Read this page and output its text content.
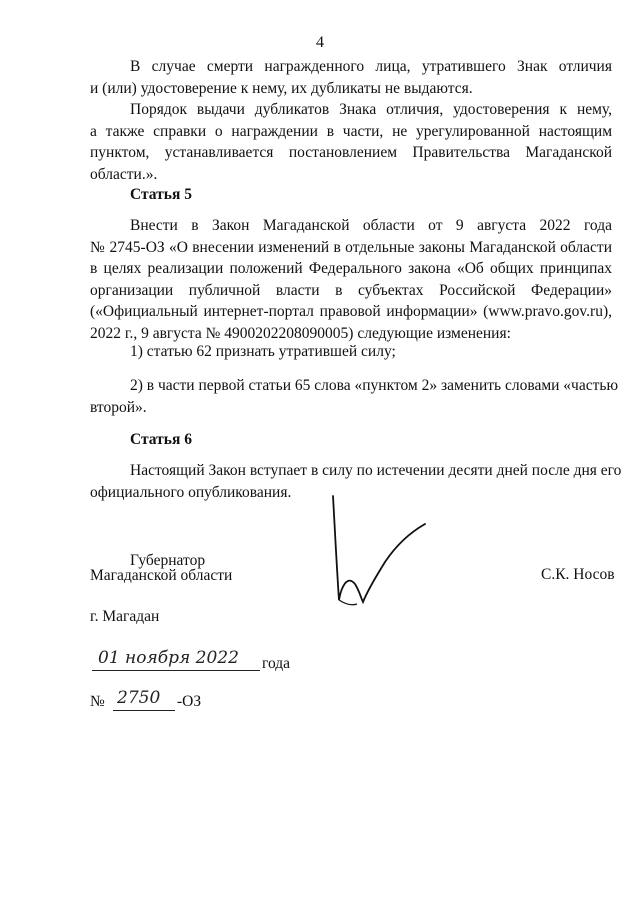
4
В случае смерти награжденного лица, утратившего Знак отличия
и (или) удостоверение к нему, их дубликаты не выдаются.
Порядок выдачи дубликатов Знака отличия, удостоверения к нему,
а также справки о награждении в части, не урегулированной настоящим
пунктом, устанавливается постановлением Правительства Магаданской
области.».
Статья 5
Внести в Закон Магаданской области от 9 августа 2022 года
№ 2745-ОЗ «О внесении изменений в отдельные законы Магаданской области
в целях реализации положений Федерального закона «Об общих принципах
организации публичной власти в субъектах Российской Федерации»
(«Официальный интернет-портал правовой информации» (www.pravo.gov.ru),
2022 г., 9 августа № 4900202208090005) следующие изменения:
1) статью 62 признать утратившей силу;
2) в части первой статьи 65 слова «пунктом 2» заменить словами «частью
второй».
Статья 6
Настоящий Закон вступает в силу по истечении десяти дней после дня его
официального опубликования.
Губернатор
Магаданской области	С.К. Носов
г. Магадан
01 ноября 2022 года
№ 2750 -ОЗ
